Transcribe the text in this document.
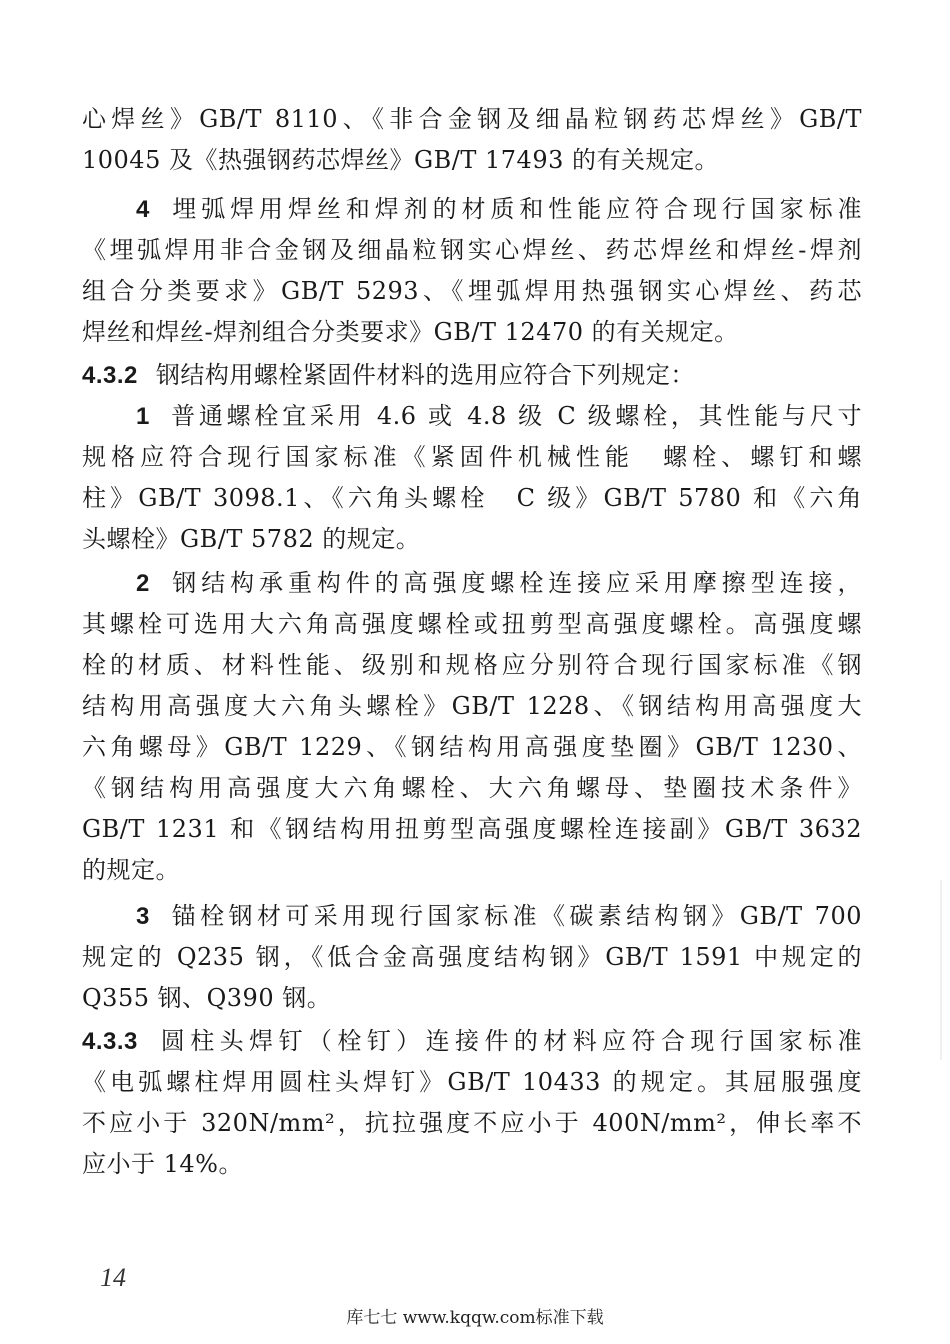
心焊丝》GB/T 8110、《非合金钢及细晶粒钢药芯焊丝》GB/T
10045 及《热强钢药芯焊丝》GB/T 17493 的有关规定。
4 埋弧焊用焊丝和焊剂的材质和性能应符合现行国家标准
《埋弧焊用非合金钢及细晶粒钢实心焊丝、药芯焊丝和焊丝-焊剂
组合分类要求》GB/T 5293、《埋弧焊用热强钢实心焊丝、药芯
焊丝和焊丝-焊剂组合分类要求》GB/T 12470 的有关规定。
4.3.2 钢结构用螺栓紧固件材料的选用应符合下列规定：
1 普通螺栓宜采用 4.6 或 4.8 级 C 级螺栓，其性能与尺寸
规格应符合现行国家标准《紧固件机械性能　螺栓、螺钉和螺
柱》GB/T 3098.1、《六角头螺栓　C 级》GB/T 5780 和《六角
头螺栓》GB/T 5782 的规定。
2 钢结构承重构件的高强度螺栓连接应采用摩擦型连接，
其螺栓可选用大六角高强度螺栓或扭剪型高强度螺栓。高强度螺
栓的材质、材料性能、级别和规格应分别符合现行国家标准《钢
结构用高强度大六角头螺栓》GB/T 1228、《钢结构用高强度大
六角螺母》GB/T 1229、《钢结构用高强度垫圈》GB/T 1230、
《钢结构用高强度大六角螺栓、大六角螺母、垫圈技术条件》
GB/T 1231 和《钢结构用扭剪型高强度螺栓连接副》GB/T 3632
的规定。
3 锚栓钢材可采用现行国家标准《碳素结构钢》GB/T 700
规定的 Q235 钢，《低合金高强度结构钢》GB/T 1591 中规定的
Q355 钢、Q390 钢。
4.3.3 圆柱头焊钉（栓钉）连接件的材料应符合现行国家标准
《电弧螺柱焊用圆柱头焊钉》GB/T 10433 的规定。其屈服强度
不应小于 320N/mm²，抗拉强度不应小于 400N/mm²，伸长率不
应小于 14%。
14
库七七 www.kqqw.com标准下载
